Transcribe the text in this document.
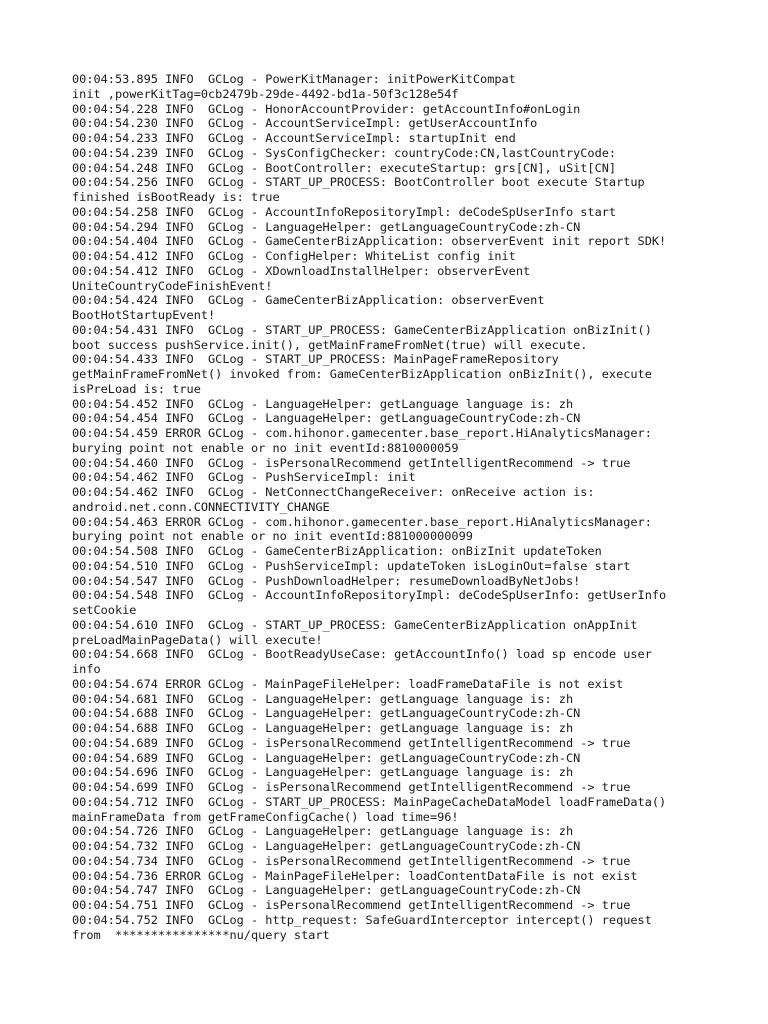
00:04:53.895 INFO  GCLog - PowerKitManager: initPowerKitCompat
init ,powerKitTag=0cb2479b-29de-4492-bd1a-50f3c128e54f
00:04:54.228 INFO  GCLog - HonorAccountProvider: getAccountInfo#onLogin
00:04:54.230 INFO  GCLog - AccountServiceImpl: getUserAccountInfo
00:04:54.233 INFO  GCLog - AccountServiceImpl: startupInit end
00:04:54.239 INFO  GCLog - SysConfigChecker: countryCode:CN,lastCountryCode:
00:04:54.248 INFO  GCLog - BootController: executeStartup: grs[CN], uSit[CN]
00:04:54.256 INFO  GCLog - START_UP_PROCESS: BootController boot execute Startup
finished isBootReady is: true
00:04:54.258 INFO  GCLog - AccountInfoRepositoryImpl: deCodeSpUserInfo start
00:04:54.294 INFO  GCLog - LanguageHelper: getLanguageCountryCode:zh-CN
00:04:54.404 INFO  GCLog - GameCenterBizApplication: observerEvent init report SDK!
00:04:54.412 INFO  GCLog - ConfigHelper: WhiteList config init
00:04:54.412 INFO  GCLog - XDownloadInstallHelper: observerEvent
UniteCountryCodeFinishEvent!
00:04:54.424 INFO  GCLog - GameCenterBizApplication: observerEvent
BootHotStartupEvent!
00:04:54.431 INFO  GCLog - START_UP_PROCESS: GameCenterBizApplication onBizInit()
boot success pushService.init(), getMainFrameFromNet(true) will execute.
00:04:54.433 INFO  GCLog - START_UP_PROCESS: MainPageFrameRepository
getMainFrameFromNet() invoked from: GameCenterBizApplication onBizInit(), execute
isPreLoad is: true
00:04:54.452 INFO  GCLog - LanguageHelper: getLanguage language is: zh
00:04:54.454 INFO  GCLog - LanguageHelper: getLanguageCountryCode:zh-CN
00:04:54.459 ERROR GCLog - com.hihonor.gamecenter.base_report.HiAnalyticsManager:
burying point not enable or no init eventId:8810000059
00:04:54.460 INFO  GCLog - isPersonalRecommend getIntelligentRecommend -> true
00:04:54.462 INFO  GCLog - PushServiceImpl: init
00:04:54.462 INFO  GCLog - NetConnectChangeReceiver: onReceive action is:
android.net.conn.CONNECTIVITY_CHANGE
00:04:54.463 ERROR GCLog - com.hihonor.gamecenter.base_report.HiAnalyticsManager:
burying point not enable or no init eventId:881000000099
00:04:54.508 INFO  GCLog - GameCenterBizApplication: onBizInit updateToken
00:04:54.510 INFO  GCLog - PushServiceImpl: updateToken isLoginOut=false start
00:04:54.547 INFO  GCLog - PushDownloadHelper: resumeDownloadByNetJobs!
00:04:54.548 INFO  GCLog - AccountInfoRepositoryImpl: deCodeSpUserInfo: getUserInfo
setCookie
00:04:54.610 INFO  GCLog - START_UP_PROCESS: GameCenterBizApplication onAppInit
preLoadMainPageData() will execute!
00:04:54.668 INFO  GCLog - BootReadyUseCase: getAccountInfo() load sp encode user
info
00:04:54.674 ERROR GCLog - MainPageFileHelper: loadFrameDataFile is not exist
00:04:54.681 INFO  GCLog - LanguageHelper: getLanguage language is: zh
00:04:54.688 INFO  GCLog - LanguageHelper: getLanguageCountryCode:zh-CN
00:04:54.688 INFO  GCLog - LanguageHelper: getLanguage language is: zh
00:04:54.689 INFO  GCLog - isPersonalRecommend getIntelligentRecommend -> true
00:04:54.689 INFO  GCLog - LanguageHelper: getLanguageCountryCode:zh-CN
00:04:54.696 INFO  GCLog - LanguageHelper: getLanguage language is: zh
00:04:54.699 INFO  GCLog - isPersonalRecommend getIntelligentRecommend -> true
00:04:54.712 INFO  GCLog - START_UP_PROCESS: MainPageCacheDataModel loadFrameData()
mainFrameData from getFrameConfigCache() load time=96!
00:04:54.726 INFO  GCLog - LanguageHelper: getLanguage language is: zh
00:04:54.732 INFO  GCLog - LanguageHelper: getLanguageCountryCode:zh-CN
00:04:54.734 INFO  GCLog - isPersonalRecommend getIntelligentRecommend -> true
00:04:54.736 ERROR GCLog - MainPageFileHelper: loadContentDataFile is not exist
00:04:54.747 INFO  GCLog - LanguageHelper: getLanguageCountryCode:zh-CN
00:04:54.751 INFO  GCLog - isPersonalRecommend getIntelligentRecommend -> true
00:04:54.752 INFO  GCLog - http_request: SafeGuardInterceptor intercept() request
from  ****************nu/query start
